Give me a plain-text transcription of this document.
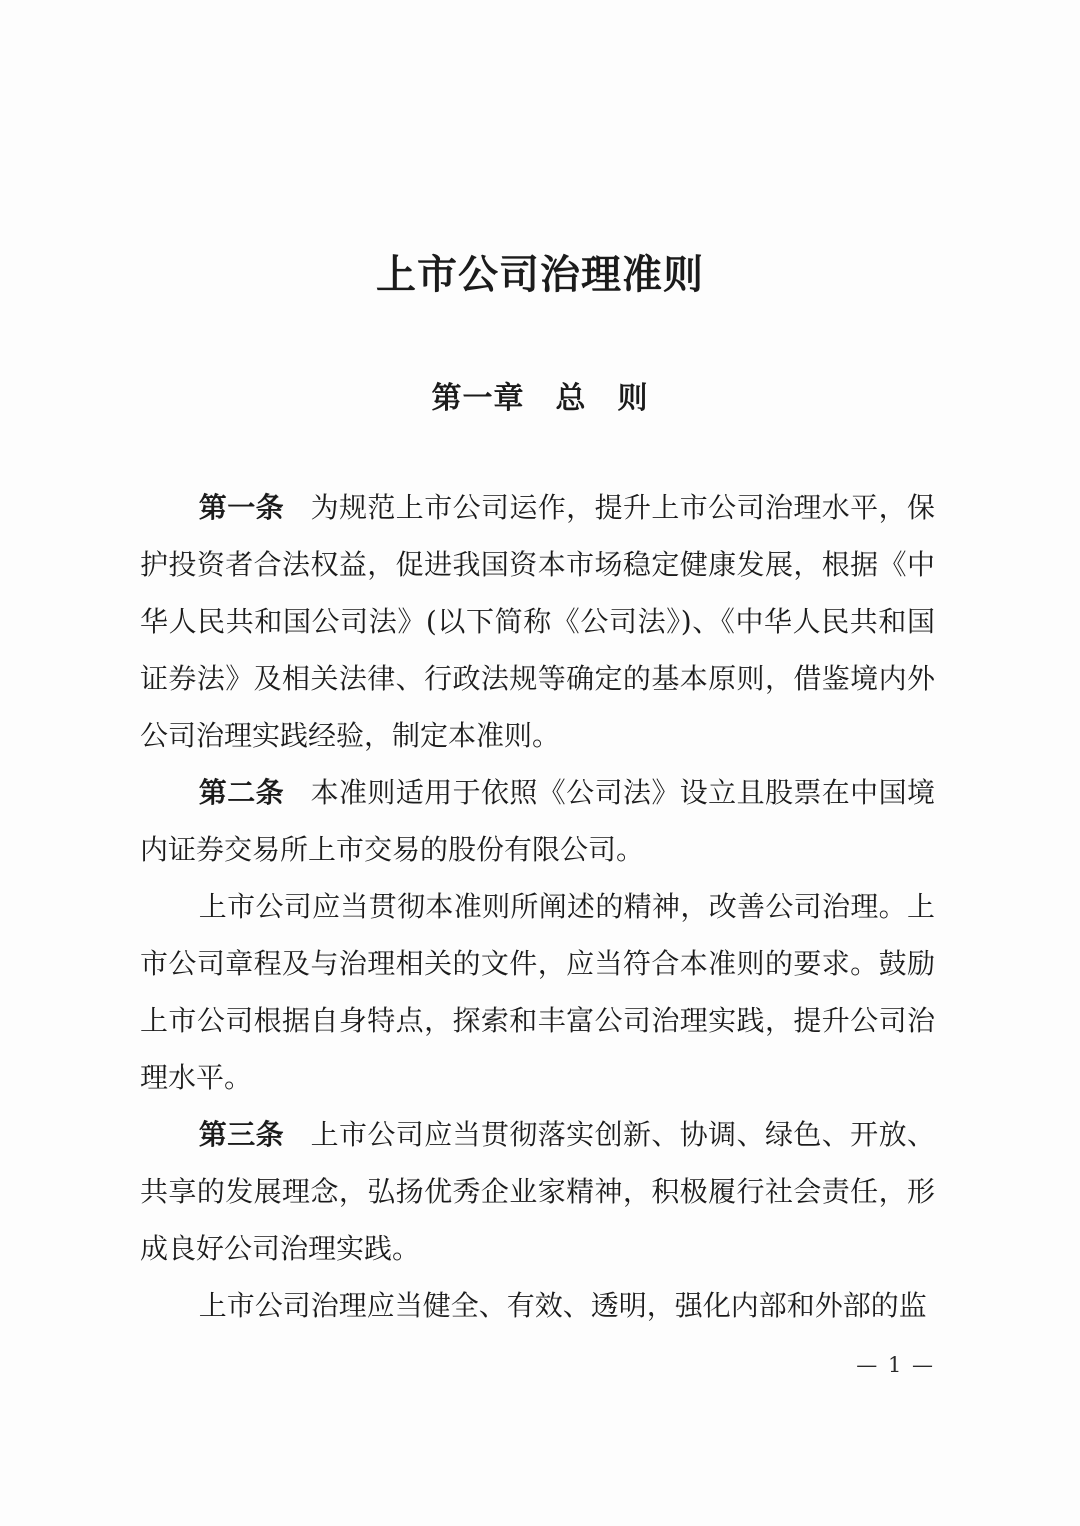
上市公司治理准则
第一章　总　则

第一条 为规范上市公司运作，提升上市公司治理水平，保护投资者合法权益，促进我国资本市场稳定健康发展，根据《中华人民共和国公司法》(以下简称《公司法》)、《中华人民共和国证券法》及相关法律、行政法规等确定的基本原则，借鉴境内外公司治理实践经验，制定本准则。

第二条 本准则适用于依照《公司法》设立且股票在中国境内证券交易所上市交易的股份有限公司。

上市公司应当贯彻本准则所阐述的精神，改善公司治理。上市公司章程及与治理相关的文件，应当符合本准则的要求。鼓励上市公司根据自身特点，探索和丰富公司治理实践，提升公司治理水平。

第三条 上市公司应当贯彻落实创新、协调、绿色、开放、共享的发展理念，弘扬优秀企业家精神，积极履行社会责任，形成良好公司治理实践。

上市公司治理应当健全、有效、透明，强化内部和外部的监

— 1 —
